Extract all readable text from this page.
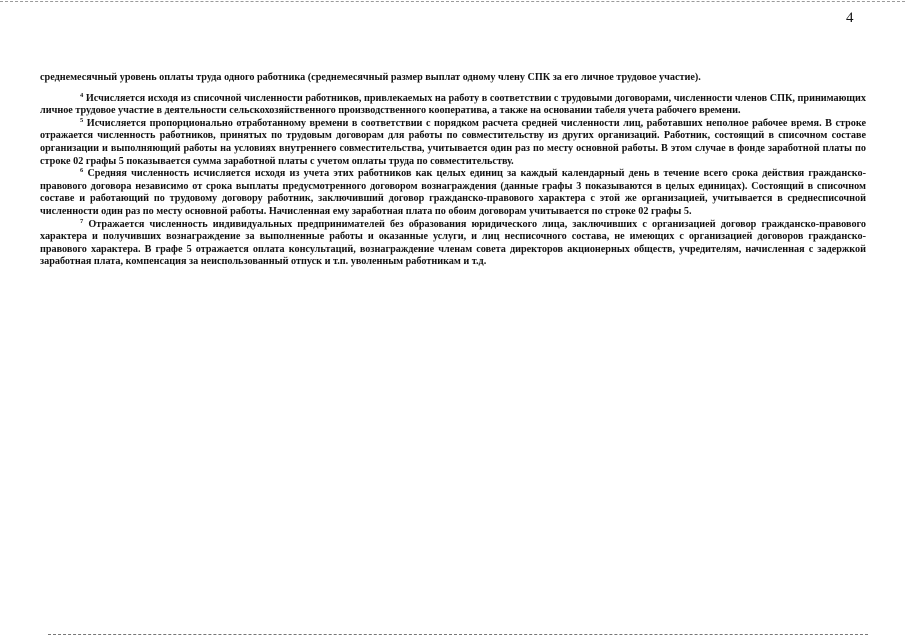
4

среднемесячный уровень оплаты труда одного работника (среднемесячный размер выплат одному члену СПК за его личное трудовое участие).

$^4$ Исчисляется исходя из списочной численности работников, привлекаемых на работу в соответствии с трудовыми договорами, численности членов СПК, принимающих личное трудовое участие в деятельности сельскохозяйственного производственного кооператива, а также на основании табеля учета рабочего времени.

$^5$ Исчисляется пропорционально отработанному времени в соответствии с порядком расчета средней численности лиц, работавших неполное рабочее время. В строке отражается численность работников, принятых по трудовым договорам для работы по совместительству из других организаций. Работник, состоящий в списочном составе организации и выполняющий работы на условиях внутреннего совместительства, учитывается один раз по месту основной работы. В этом случае в фонде заработной платы по строке 02 графы 5 показывается сумма заработной платы с учетом оплаты труда по совместительству.

$^6$ Средняя численность исчисляется исходя из учета этих работников как целых единиц за каждый календарный день в течение всего срока действия гражданско-правового договора независимо от срока выплаты предусмотренного договором вознаграждения (данные графы 3 показываются в целых единицах). Состоящий в списочном составе и работающий по трудовому договору работник, заключивший договор гражданско-правового характера с этой же организацией, учитывается в среднесписочной численности один раз по месту основной работы. Начисленная ему заработная плата по обоим договорам учитывается по строке 02 графы 5.

$^7$ Отражается численность индивидуальных предпринимателей без образования юридического лица, заключивших с организацией договор гражданско-правового характера и получивших вознаграждение за выполненные работы и оказанные услуги, и лиц несписочного состава, не имеющих с организацией договоров гражданско-правового характера. В графе 5 отражается оплата консультаций, вознаграждение членам совета директоров акционерных обществ, учредителям, начисленная с задержкой заработная плата, компенсация за неиспользованный отпуск и т.п. уволенным работникам и т.д.
